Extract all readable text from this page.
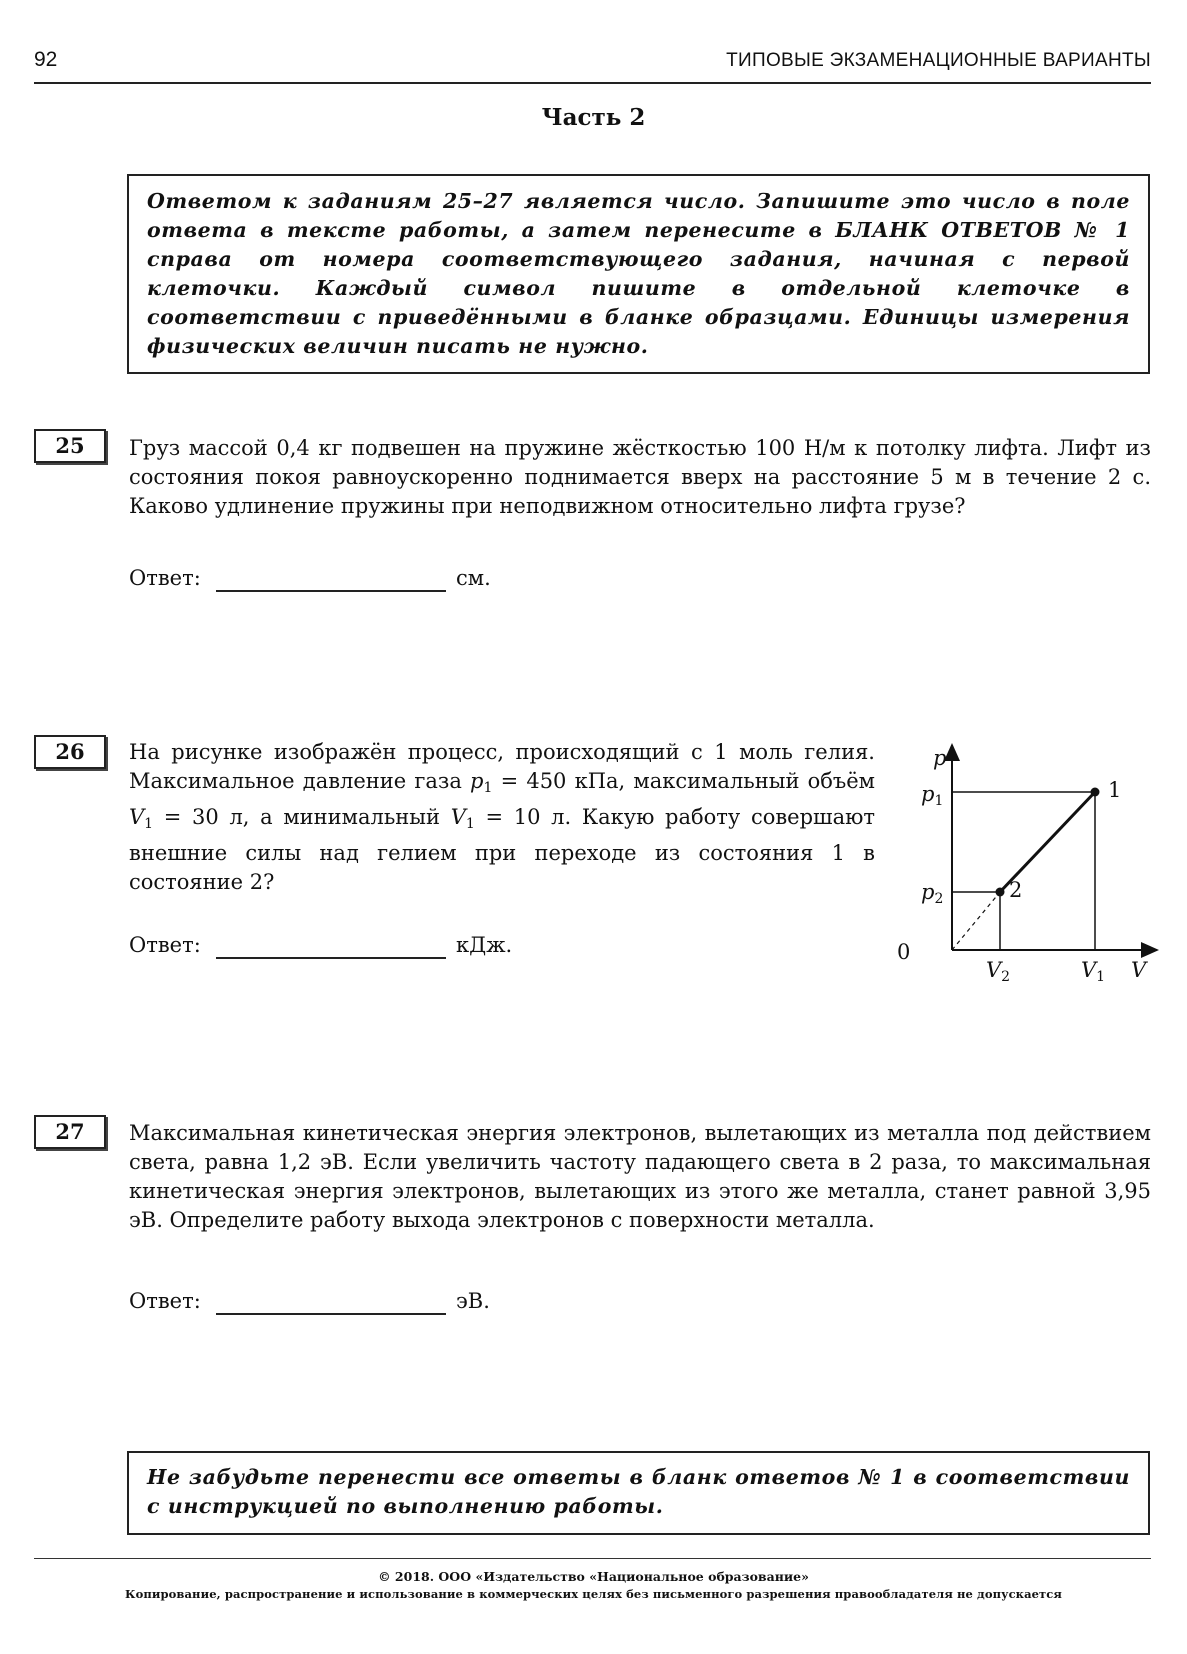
92	ТИПОВЫЕ ЭКЗАМЕНАЦИОННЫЕ ВАРИАНТЫ
Часть 2
Ответом к заданиям 25–27 является число. Запишите это число в поле ответа в тексте работы, а затем перенесите в БЛАНК ОТВЕТОВ № 1 справа от номера соответствующего задания, начиная с первой клеточки. Каждый символ пишите в отдельной клеточке в соответствии с приведёнными в бланке образцами. Единицы измерения физических величин писать не нужно.
25	Груз массой 0,4 кг подвешен на пружине жёсткостью 100 Н/м к потолку лифта. Лифт из состояния покоя равноускоренно поднимается вверх на расстояние 5 м в течение 2 с. Каково удлинение пружины при неподвижном относительно лифта грузе?
Ответ:	см.
26	На рисунке изображён процесс, происходящий с 1 моль гелия. Максимальное давление газа $p_1 = 450$ кПа, максимальный объём $V_1 = 30$ л, а минимальный $V_1 = 10$ л. Какую работу совершают внешние силы над гелием при переходе из состояния 1 в состояние 2?
Ответ:	кДж.
p
p1
p2
1
2
0
V2	V1 V
27	Максимальная кинетическая энергия электронов, вылетающих из металла под действием света, равна 1,2 эВ. Если увеличить частоту падающего света в 2 раза, то максимальная кинетическая энергия электронов, вылетающих из этого же металла, станет равной 3,95 эВ. Определите работу выхода электронов с поверхности металла.
Ответ:	эВ.
Не забудьте перенести все ответы в бланк ответов № 1 в соответствии с инструкцией по выполнению работы.
© 2018. ООО «Издательство «Национальное образование»
Копирование, распространение и использование в коммерческих целях без письменного разрешения правообладателя не допускается
